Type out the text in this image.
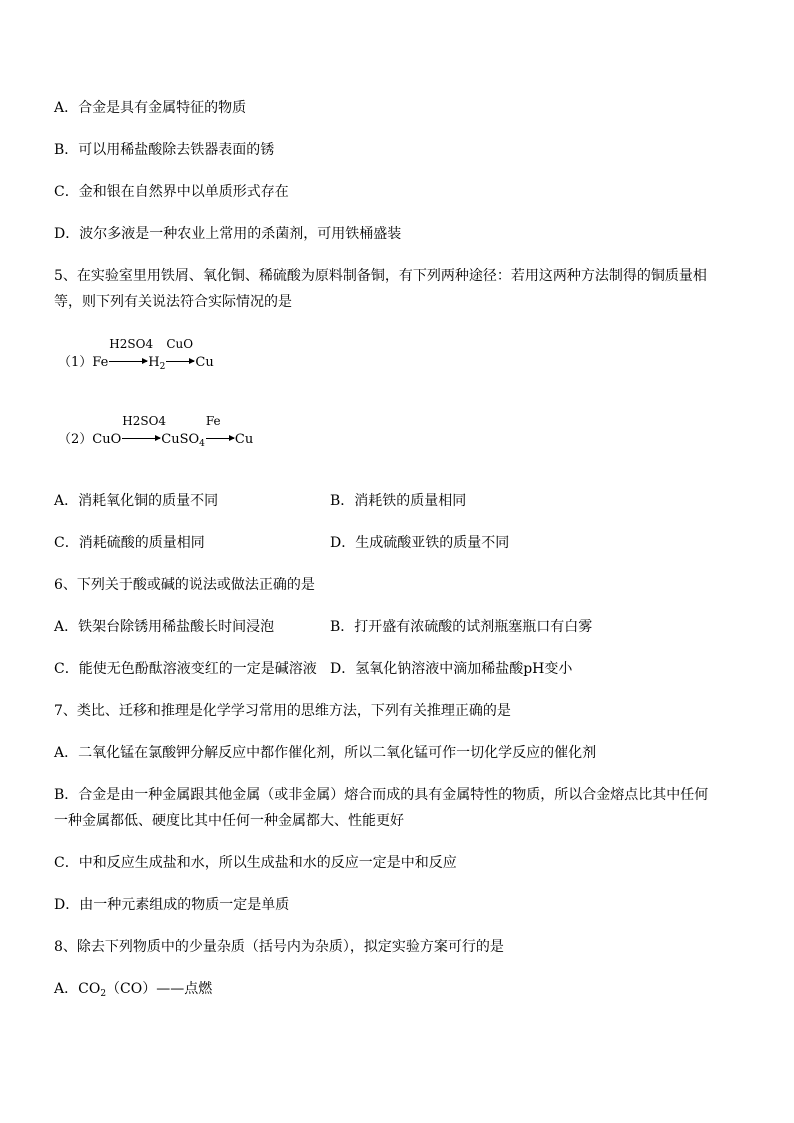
A．合金是具有金属特征的物质
B．可以用稀盐酸除去铁器表面的锈
C．金和银在自然界中以单质形式存在
D．波尔多液是一种农业上常用的杀菌剂，可用铁桶盛装
5、在实验室里用铁屑、氧化铜、稀硫酸为原料制备铜，有下列两种途径：若用这两种方法制得的铜质量相
等，则下列有关说法符合实际情况的是
（1）Fe
H2SO4
$H_2$
CuO
Cu
（2）CuO
H2SO4
CuSO$_4$
Fe
Cu
A．消耗氧化铜的质量不同	B．消耗铁的质量相同
C．消耗硫酸的质量相同	D．生成硫酸亚铁的质量不同
6、下列关于酸或碱的说法或做法正确的是
A．铁架台除锈用稀盐酸长时间浸泡	B．打开盛有浓硫酸的试剂瓶塞瓶口有白雾
C．能使无色酚酞溶液变红的一定是碱溶液 D．氢氧化钠溶液中滴加稀盐酸pH变小
7、类比、迁移和推理是化学学习常用的思维方法，下列有关推理正确的是
A．二氧化锰在氯酸钾分解反应中都作催化剂，所以二氧化锰可作一切化学反应的催化剂
B．合金是由一种金属跟其他金属（或非金属）熔合而成的具有金属特性的物质，所以合金熔点比其中任何
一种金属都低、硬度比其中任何一种金属都大、性能更好
C．中和反应生成盐和水，所以生成盐和水的反应一定是中和反应
D．由一种元素组成的物质一定是单质
8、除去下列物质中的少量杂质（括号内为杂质），拟定实验方案可行的是
A．$CO_2(CO)——$点燃
